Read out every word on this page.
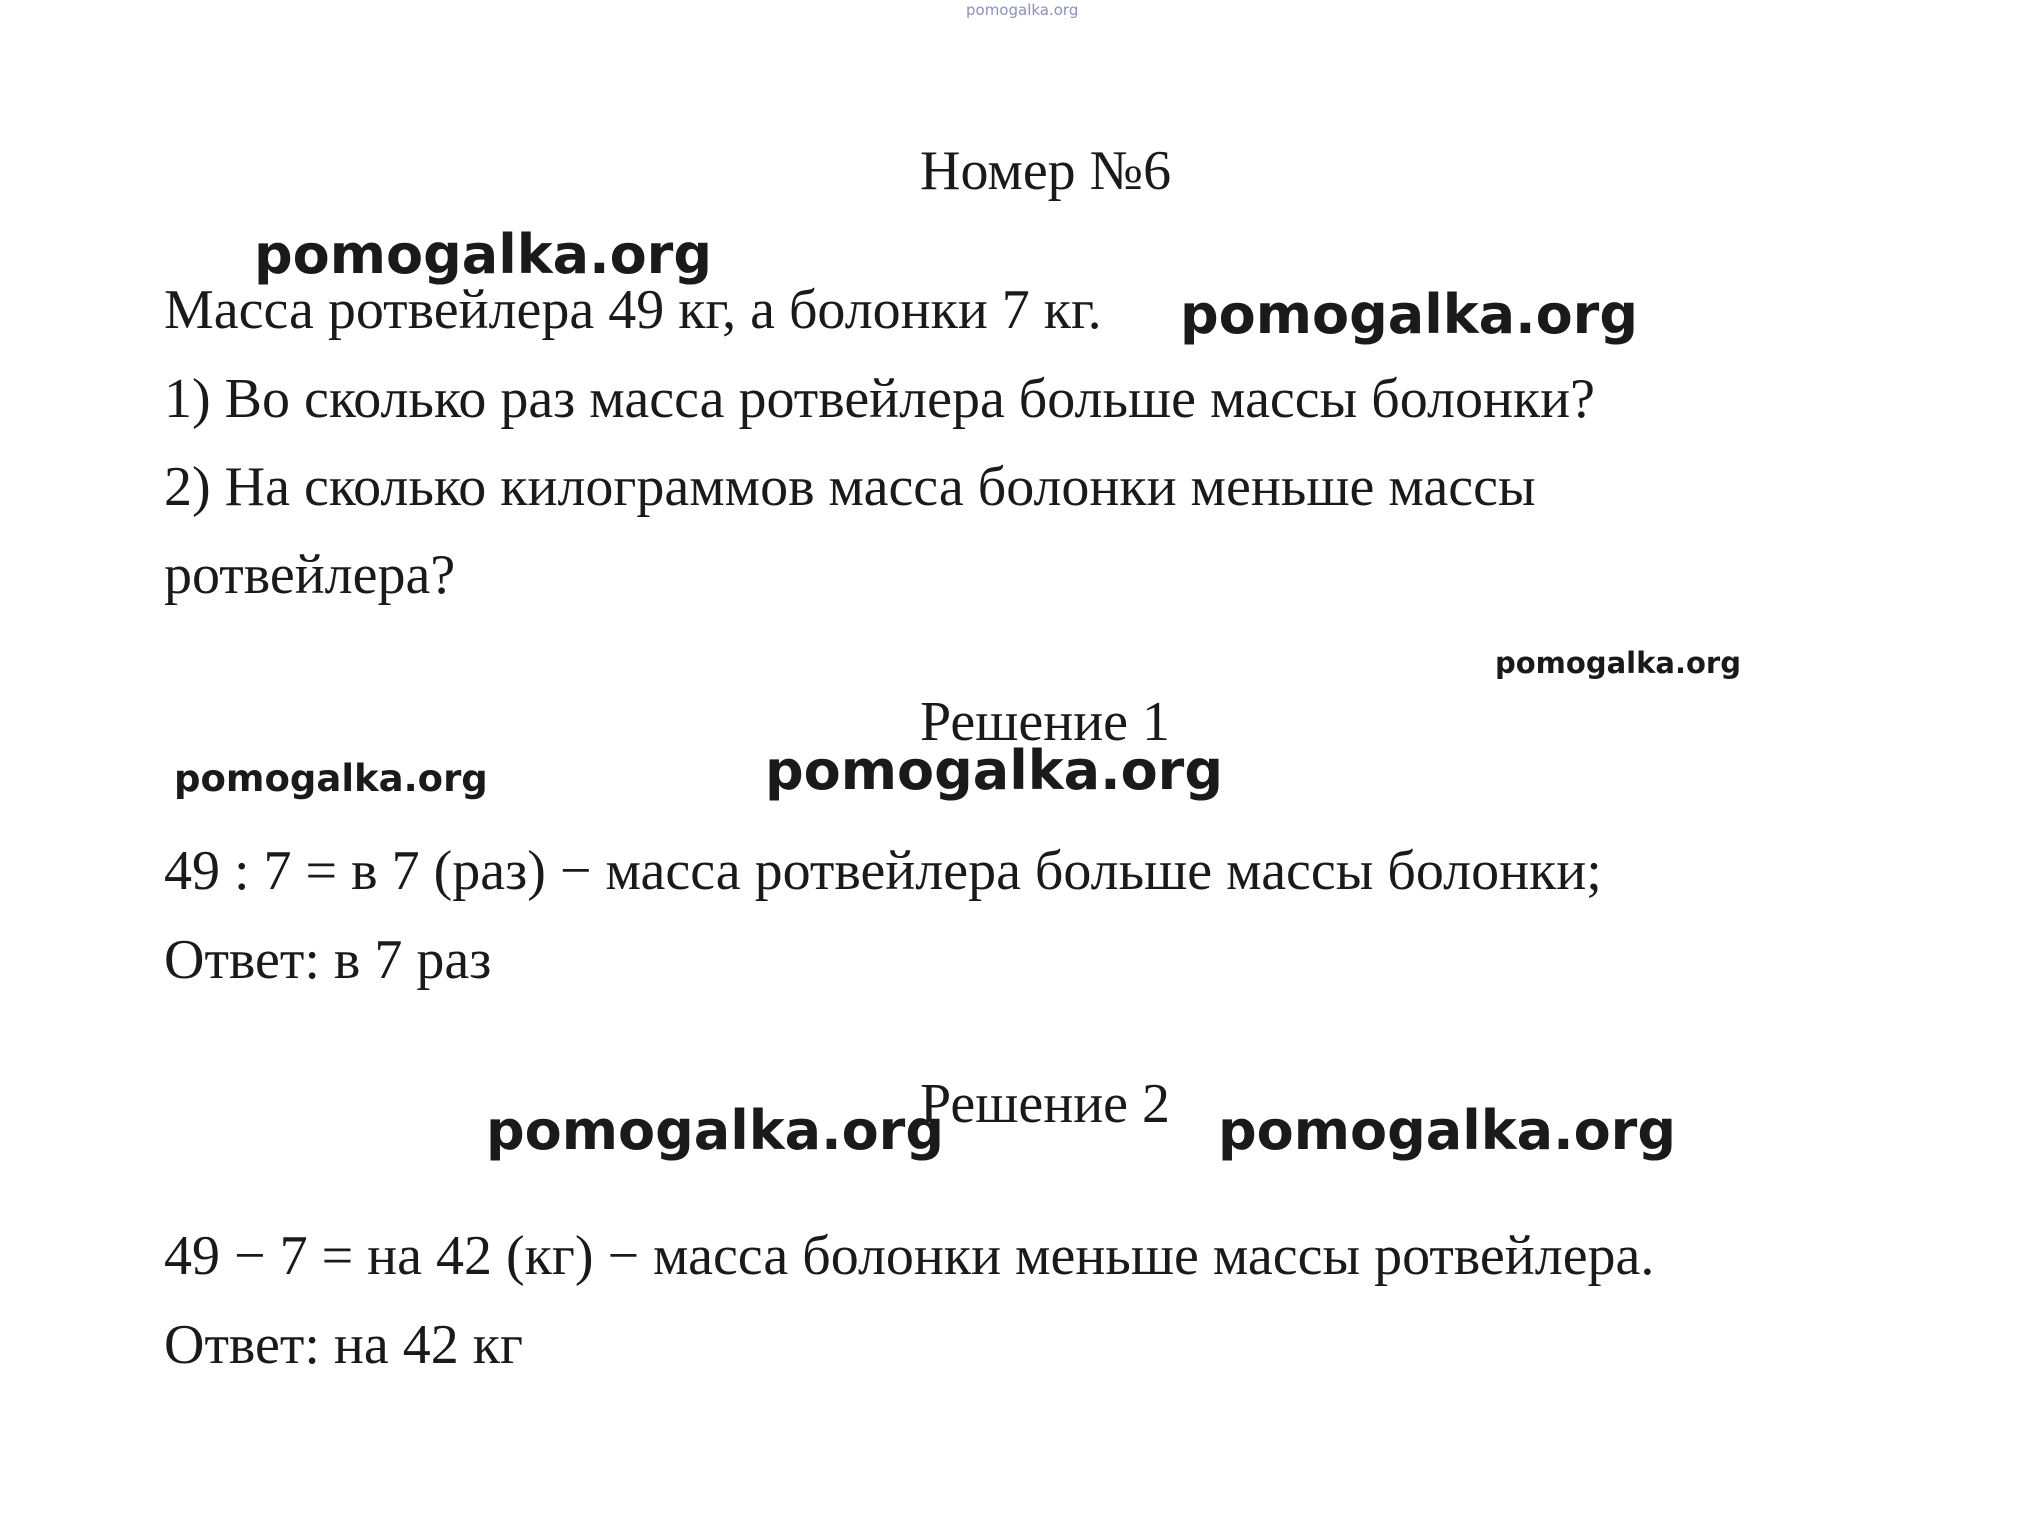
pomogalka.org
Номер №6
pomogalka.org
Масса ротвейлера 49 кг, а болонки 7 кг. pomogalka.org
1) Во сколько раз масса ротвейлера больше массы болонки?
2) На сколько килограммов масса болонки меньше массы
ротвейлера?
pomogalka.org
Решение 1
pomogalka.org	pomogalka.org
49 : 7 = в 7 (раз) − масса ротвейлера больше массы болонки;
Ответ: в 7 раз
Решение 2
pomogalka.org	pomogalka.org
49 − 7 = на 42 (кг) − масса болонки меньше массы ротвейлера.
Ответ: на 42 кг
